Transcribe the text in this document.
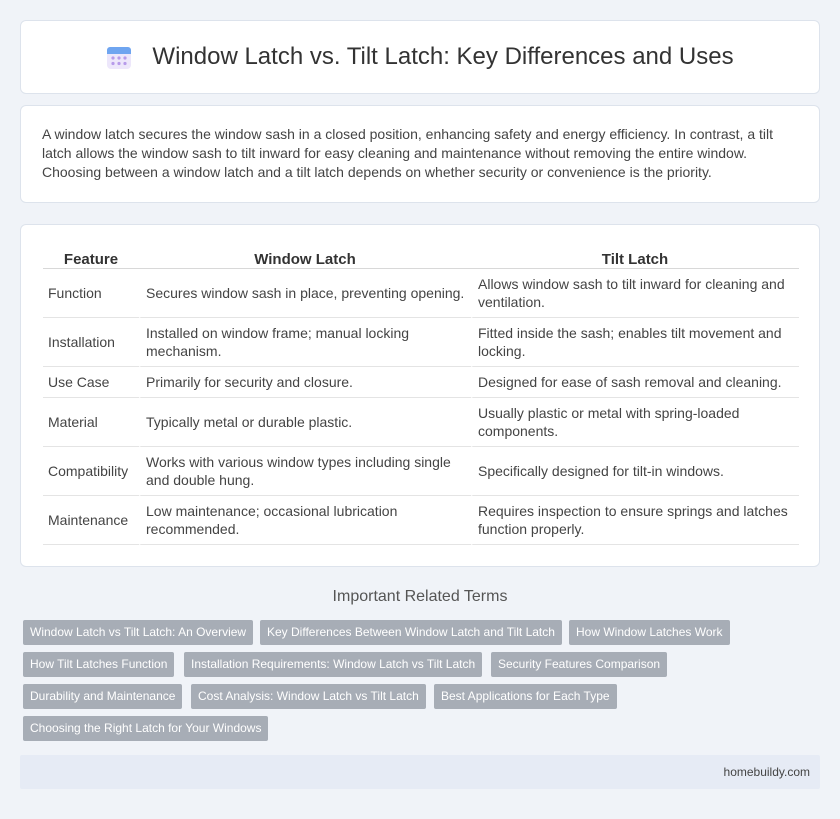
Window Latch vs. Tilt Latch: Key Differences and Uses

A window latch secures the window sash in a closed position, enhancing safety and energy efficiency. In contrast, a tilt latch allows the window sash to tilt inward for easy cleaning and maintenance without removing the entire window. Choosing between a window latch and a tilt latch depends on whether security or convenience is the priority.

Feature	Window Latch	Tilt Latch
Function	Secures window sash in place, preventing opening.	Allows window sash to tilt inward for cleaning and ventilation.
Installation	Installed on window frame; manual locking mechanism.	Fitted inside the sash; enables tilt movement and locking.
Use Case	Primarily for security and closure.	Designed for ease of sash removal and cleaning.
Material	Typically metal or durable plastic.	Usually plastic or metal with spring-loaded components.
Compatibility	Works with various window types including single and double hung.	Specifically designed for tilt-in windows.
Maintenance	Low maintenance; occasional lubrication recommended.	Requires inspection to ensure springs and latches function properly.
Important Related Terms
Window Latch vs Tilt Latch: An Overview	Key Differences Between Window Latch and Tilt Latch	How Window Latches Work
How Tilt Latches Function	Installation Requirements: Window Latch vs Tilt Latch	Security Features Comparison
Durability and Maintenance	Cost Analysis: Window Latch vs Tilt Latch	Best Applications for Each Type
Choosing the Right Latch for Your Windows
homebuildy.com
